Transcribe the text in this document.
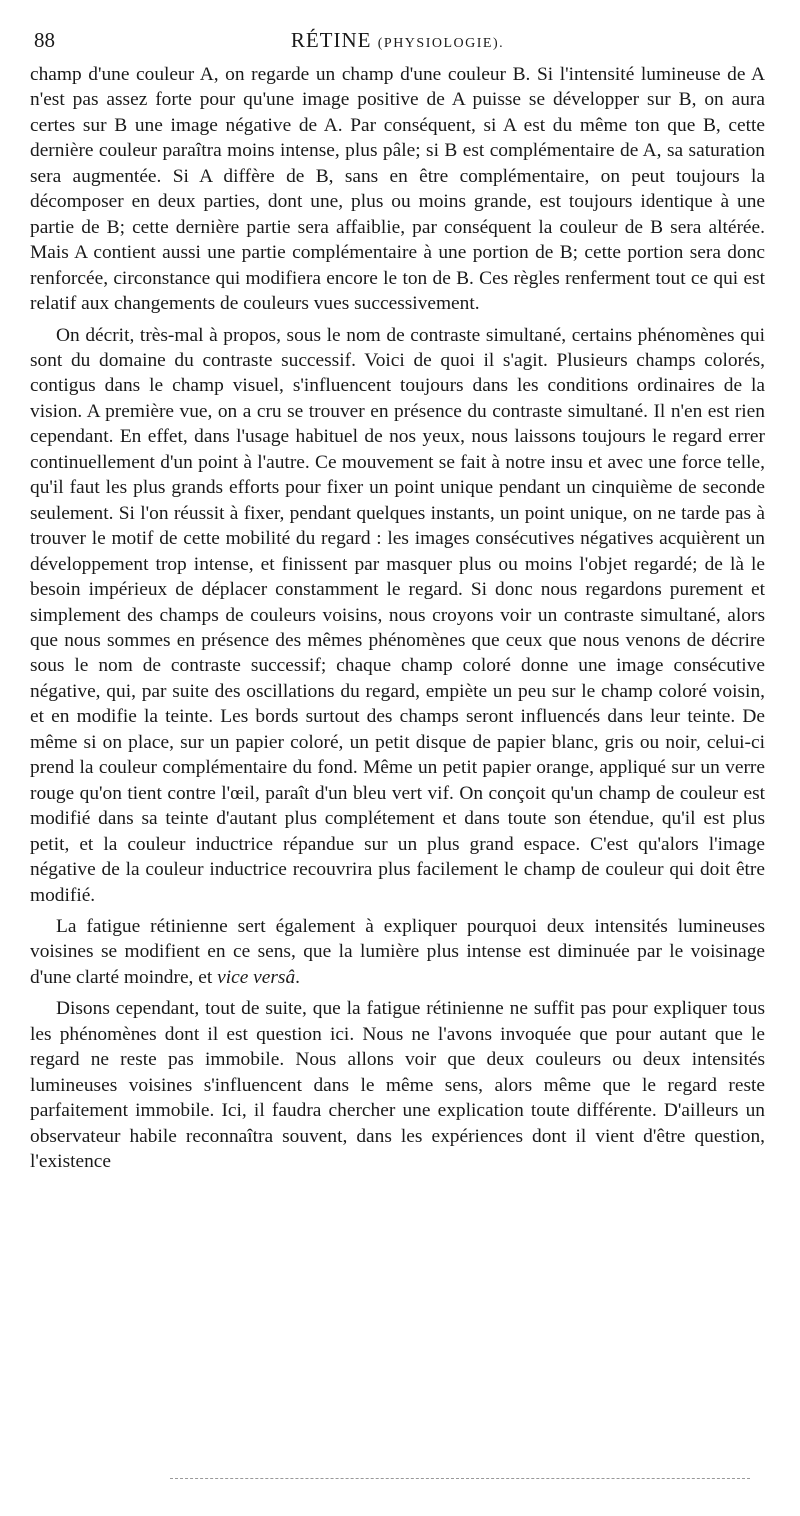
88	RÉTINE (PHYSIOLOGIE).

champ d'une couleur A, on regarde un champ d'une couleur B. Si l'intensité lumineuse de A n'est pas assez forte pour qu'une image positive de A puisse se développer sur B, on aura certes sur B une image négative de A. Par conséquent, si A est du même ton que B, cette dernière couleur paraîtra moins intense, plus pâle; si B est complémentaire de A, sa saturation sera augmentée. Si A diffère de B, sans en être complémentaire, on peut toujours la décomposer en deux parties, dont une, plus ou moins grande, est toujours identique à une partie de B; cette dernière partie sera affaiblie, par conséquent la couleur de B sera altérée. Mais A contient aussi une partie complémentaire à une portion de B; cette portion sera donc renforcée, circonstance qui modifiera encore le ton de B. Ces règles renferment tout ce qui est relatif aux changements de couleurs vues successivement.

On décrit, très-mal à propos, sous le nom de contraste simultané, certains phénomènes qui sont du domaine du contraste successif. Voici de quoi il s'agit. Plusieurs champs colorés, contigus dans le champ visuel, s'influencent toujours dans les conditions ordinaires de la vision. A première vue, on a cru se trouver en présence du contraste simultané. Il n'en est rien cependant. En effet, dans l'usage habituel de nos yeux, nous laissons toujours le regard errer continuellement d'un point à l'autre. Ce mouvement se fait à notre insu et avec une force telle, qu'il faut les plus grands efforts pour fixer un point unique pendant un cinquième de seconde seulement. Si l'on réussit à fixer, pendant quelques instants, un point unique, on ne tarde pas à trouver le motif de cette mobilité du regard : les images consécutives négatives acquièrent un développement trop intense, et finissent par masquer plus ou moins l'objet regardé; de là le besoin impérieux de déplacer constamment le regard. Si donc nous regardons purement et simplement des champs de couleurs voisins, nous croyons voir un contraste simultané, alors que nous sommes en présence des mêmes phénomènes que ceux que nous venons de décrire sous le nom de contraste successif; chaque champ coloré donne une image consécutive négative, qui, par suite des oscillations du regard, empiète un peu sur le champ coloré voisin, et en modifie la teinte. Les bords surtout des champs seront influencés dans leur teinte. De même si on place, sur un papier coloré, un petit disque de papier blanc, gris ou noir, celui-ci prend la couleur complémentaire du fond. Même un petit papier orange, appliqué sur un verre rouge qu'on tient contre l'œil, paraît d'un bleu vert vif. On conçoit qu'un champ de couleur est modifié dans sa teinte d'autant plus complétement et dans toute son étendue, qu'il est plus petit, et la couleur inductrice répandue sur un plus grand espace. C'est qu'alors l'image négative de la couleur inductrice recouvrira plus facilement le champ de couleur qui doit être modifié.

La fatigue rétinienne sert également à expliquer pourquoi deux intensités lumineuses voisines se modifient en ce sens, que la lumière plus intense est diminuée par le voisinage d'une clarté moindre, et vice versâ.

Disons cependant, tout de suite, que la fatigue rétinienne ne suffit pas pour expliquer tous les phénomènes dont il est question ici. Nous ne l'avons invoquée que pour autant que le regard ne reste pas immobile. Nous allons voir que deux couleurs ou deux intensités lumineuses voisines s'influencent dans le même sens, alors même que le regard reste parfaitement immobile. Ici, il faudra chercher une explication toute différente. D'ailleurs un observateur habile reconnaîtra souvent, dans les expériences dont il vient d'être question, l'existence
